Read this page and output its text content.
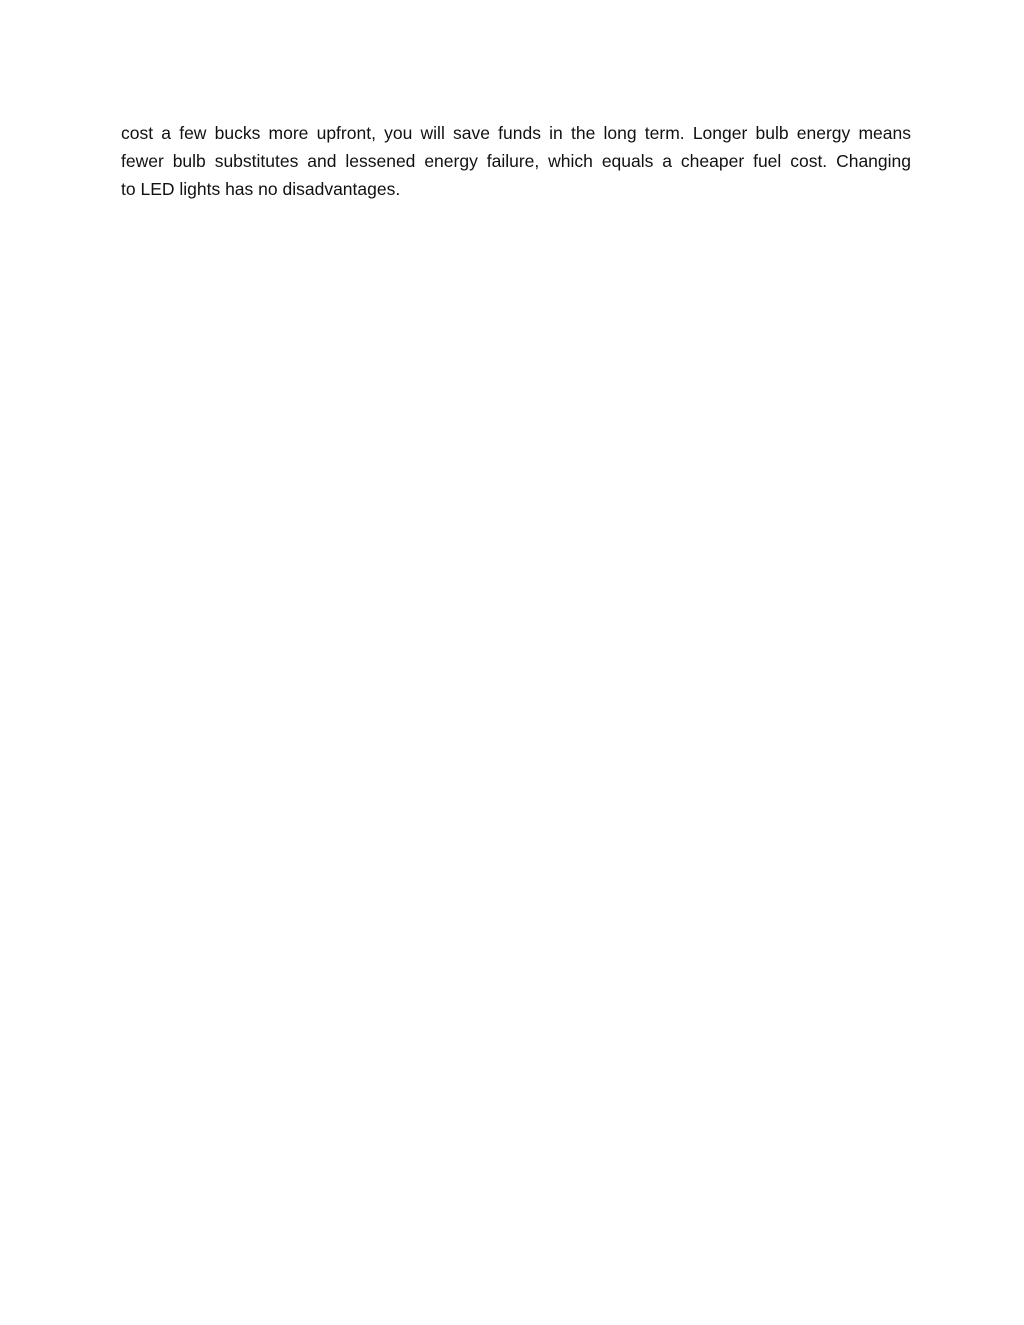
cost a few bucks more upfront, you will save funds in the long term. Longer bulb energy means
fewer bulb substitutes and lessened energy failure, which equals a cheaper fuel cost. Changing
to LED lights has no disadvantages.
